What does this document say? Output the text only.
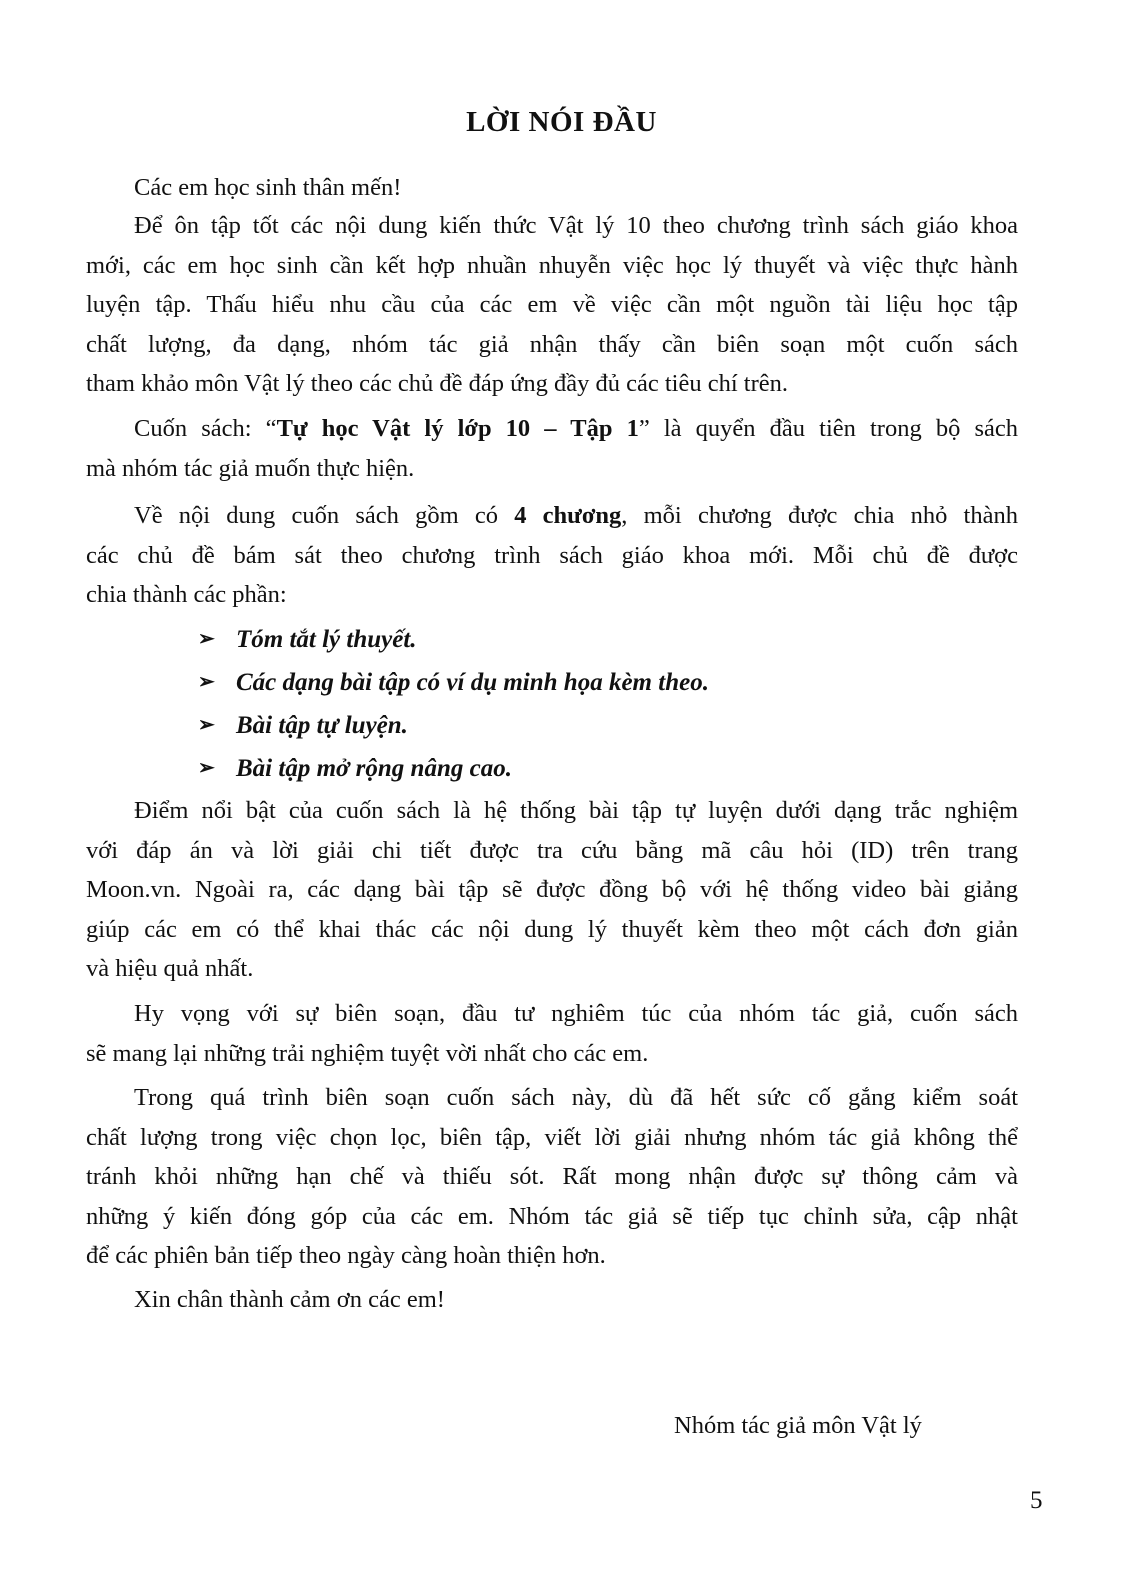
LỜI NÓI ĐẦU
Các em học sinh thân mến!
Để ôn tập tốt các nội dung kiến thức Vật lý 10 theo chương trình sách giáo khoa
mới, các em học sinh cần kết hợp nhuần nhuyễn việc học lý thuyết và việc thực hành
luyện tập. Thấu hiểu nhu cầu của các em về việc cần một nguồn tài liệu học tập
chất lượng, đa dạng, nhóm tác giả nhận thấy cần biên soạn một cuốn sách
tham khảo môn Vật lý theo các chủ đề đáp ứng đầy đủ các tiêu chí trên.
Cuốn sách: “Tự học Vật lý lớp 10 – Tập 1” là quyển đầu tiên trong bộ sách
mà nhóm tác giả muốn thực hiện.
Về nội dung cuốn sách gồm có 4 chương, mỗi chương được chia nhỏ thành
các chủ đề bám sát theo chương trình sách giáo khoa mới. Mỗi chủ đề được
chia thành các phần:
➢ Tóm tắt lý thuyết.
➢ Các dạng bài tập có ví dụ minh họa kèm theo.
➢ Bài tập tự luyện.
➢ Bài tập mở rộng nâng cao.
Điểm nổi bật của cuốn sách là hệ thống bài tập tự luyện dưới dạng trắc nghiệm
với đáp án và lời giải chi tiết được tra cứu bằng mã câu hỏi (ID) trên trang
Moon.vn. Ngoài ra, các dạng bài tập sẽ được đồng bộ với hệ thống video bài giảng
giúp các em có thể khai thác các nội dung lý thuyết kèm theo một cách đơn giản
và hiệu quả nhất.
Hy vọng với sự biên soạn, đầu tư nghiêm túc của nhóm tác giả, cuốn sách
sẽ mang lại những trải nghiệm tuyệt vời nhất cho các em.
Trong quá trình biên soạn cuốn sách này, dù đã hết sức cố gắng kiểm soát
chất lượng trong việc chọn lọc, biên tập, viết lời giải nhưng nhóm tác giả không thể
tránh khỏi những hạn chế và thiếu sót. Rất mong nhận được sự thông cảm và
những ý kiến đóng góp của các em. Nhóm tác giả sẽ tiếp tục chỉnh sửa, cập nhật
để các phiên bản tiếp theo ngày càng hoàn thiện hơn.
Xin chân thành cảm ơn các em!
Nhóm tác giả môn Vật lý
5
